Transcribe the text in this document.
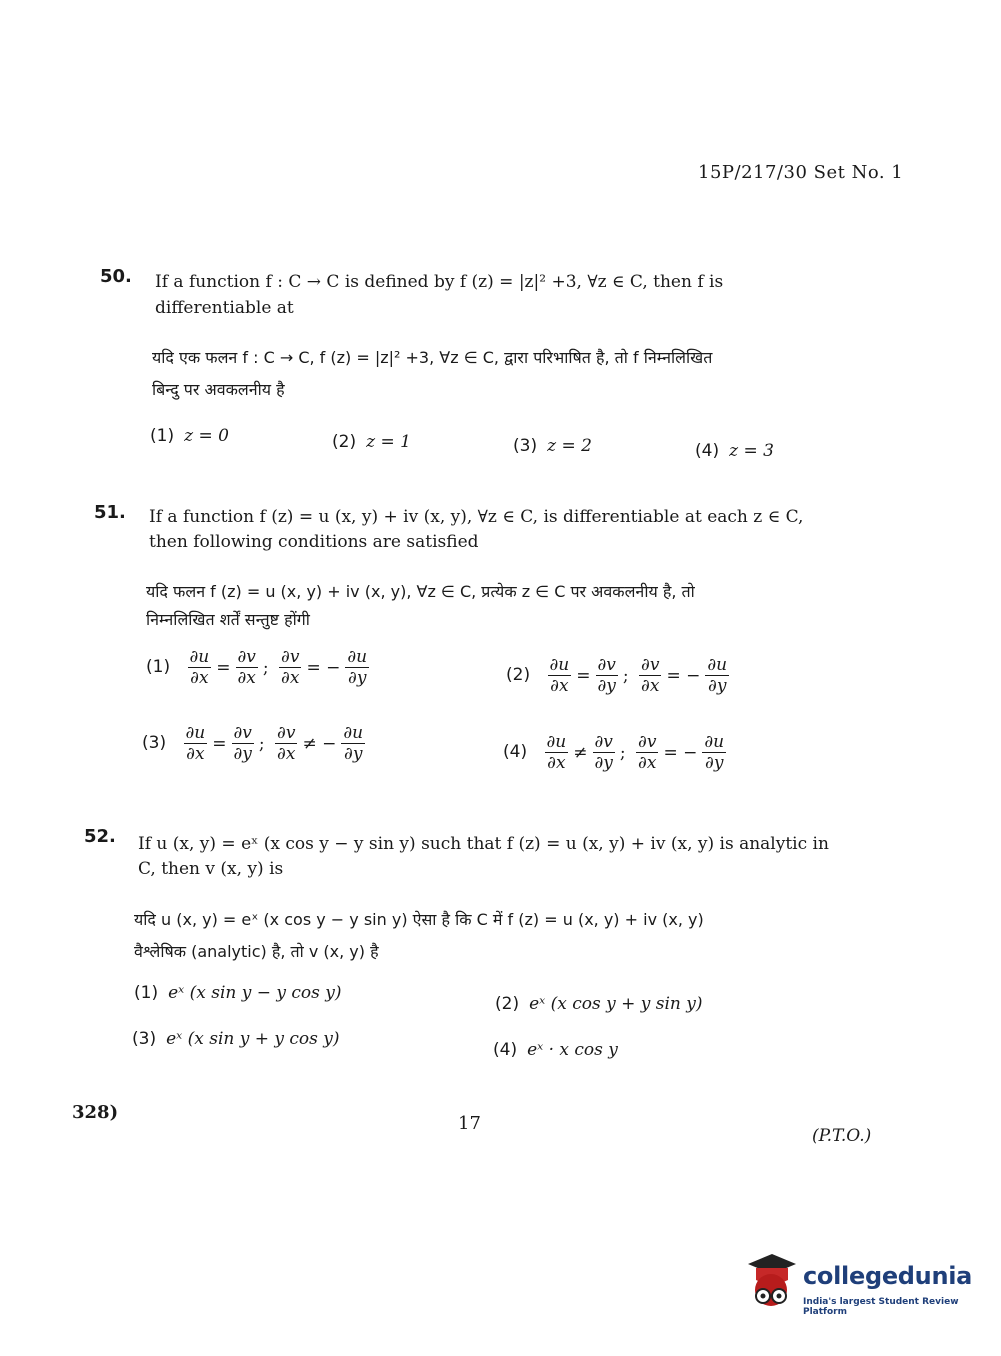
15P/217/30 Set No. 1
50. If a function f : C → C is defined by f (z) = |z|² +3, ∀z ∈ C, then f is
differentiable at
यदि एक फलन f : C → C, f (z) = |z|² +3, ∀z ∈ C, द्वारा परिभाषित है, तो f निम्नलिखित
बिन्दु पर अवकलनीय है
(1) z = 0	(2) z = 1	(3) z = 2	(4) z = 3
51. If a function f (z) = u (x, y) + iv (x, y), ∀z ∈ C, is differentiable at each z ∈ C,
then following conditions are satisfied
यदि फलन f (z) = u (x, y) + iv (x, y), ∀z ∈ C, प्रत्येक z ∈ C पर अवकलनीय है, तो
निम्नलिखित शर्तें सन्तुष्ट होंगी
$(1) \frac{\partial u}{\partial x} = \frac{\partial v}{\partial x}$ ; $\frac{\partial v}{\partial x}$ = − $\frac{\partial u}{\partial y}$	$(2) \frac{\partial u}{\partial x} = \frac{\partial v}{\partial y}$ ; $\frac{\partial v}{\partial x}$ = − $\frac{\partial u}{\partial y}$
$(3) \frac{\partial u}{\partial x} = \frac{\partial v}{\partial y}$ ; $\frac{\partial v}{\partial x}$ ≠ − $\frac{\partial u}{\partial y}$	$(4) \frac{\partial u}{\partial x} \ne \frac{\partial v}{\partial y}$ ; $\frac{\partial v}{\partial x}$ = − $\frac{\partial u}{\partial y}$
52. If u (x, y) = eˣ (x cos y − y sin y) such that f (z) = u (x, y) + iv (x, y) is analytic in
C, then v (x, y) is
यदि u (x, y) = eˣ (x cos y − y sin y) ऐसा है कि C में f (z) = u (x, y) + iv (x, y)
वैश्लेषिक (analytic) है, तो v (x, y) है
(1) eˣ (x sin y − y cos y)
(2) eˣ (x cos y + y sin y)
(3) eˣ (x sin y + y cos y)
(4) eˣ · x cos y
328)
17
(P.T.O.)
collegedunia
India's largest Student Review Platform
